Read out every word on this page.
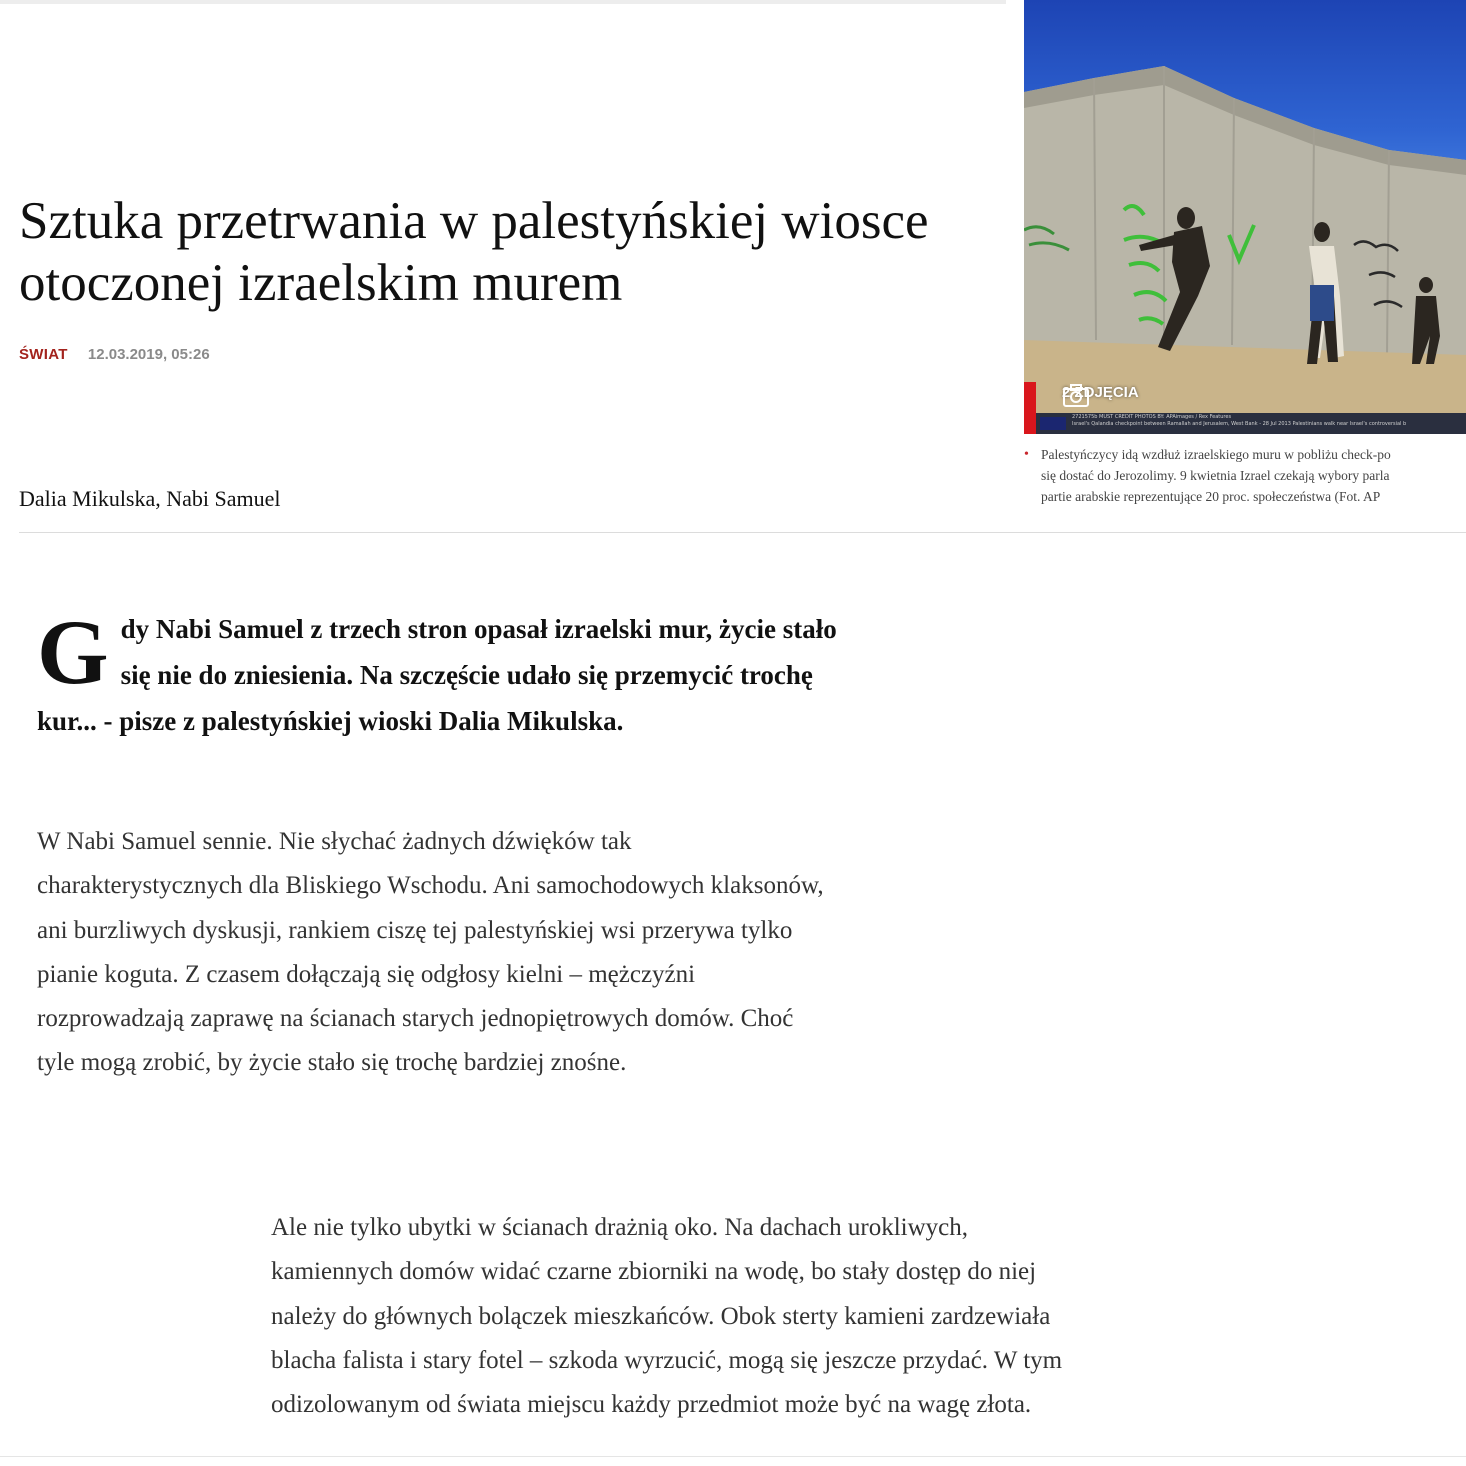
Sztuka przetrwania w palestyńskiej wiosce otoczonej izraelskim murem
ŚWIAT 12.03.2019, 05:26
Dalia Mikulska, Nabi Samuel
2 ZDJĘCIA
2721575b MUST CREDIT PHOTOS BY: APAimages / Rex Features
Israel's Qalandia checkpoint between Ramallah and Jerusalem, West Bank - 28 Jul 2013 Palestinians walk near Israel's controversial b
• Palestyńczycy idą wzdłuż izraelskiego muru w pobliżu check-po
się dostać do Jerozolimy. 9 kwietnia Izrael czekają wybory parla
partie arabskie reprezentujące 20 proc. społeczeństwa (Fot. AP
G dy Nabi Samuel z trzech stron opasał izraelski mur, życie stało się nie do zniesienia. Na szczęście udało się przemycić trochę kur... - pisze z palestyńskiej wioski Dalia Mikulska.
W Nabi Samuel sennie. Nie słychać żadnych dźwięków tak charakterystycznych dla Bliskiego Wschodu. Ani samochodowych klaksonów, ani burzliwych dyskusji, rankiem ciszę tej palestyńskiej wsi przerywa tylko pianie koguta. Z czasem dołączają się odgłosy kielni – mężczyźni rozprowadzają zaprawę na ścianach starych jednopiętrowych domów. Choć tyle mogą zrobić, by życie stało się trochę bardziej znośne.
Ale nie tylko ubytki w ścianach drażnią oko. Na dachach urokliwych, kamiennych domów widać czarne zbiorniki na wodę, bo stały dostęp do niej należy do głównych bolączek mieszkańców. Obok sterty kamieni zardzewiała blacha falista i stary fotel – szkoda wyrzucić, mogą się jeszcze przydać. W tym odizolowanym od świata miejscu każdy przedmiot może być na wagę złota.
